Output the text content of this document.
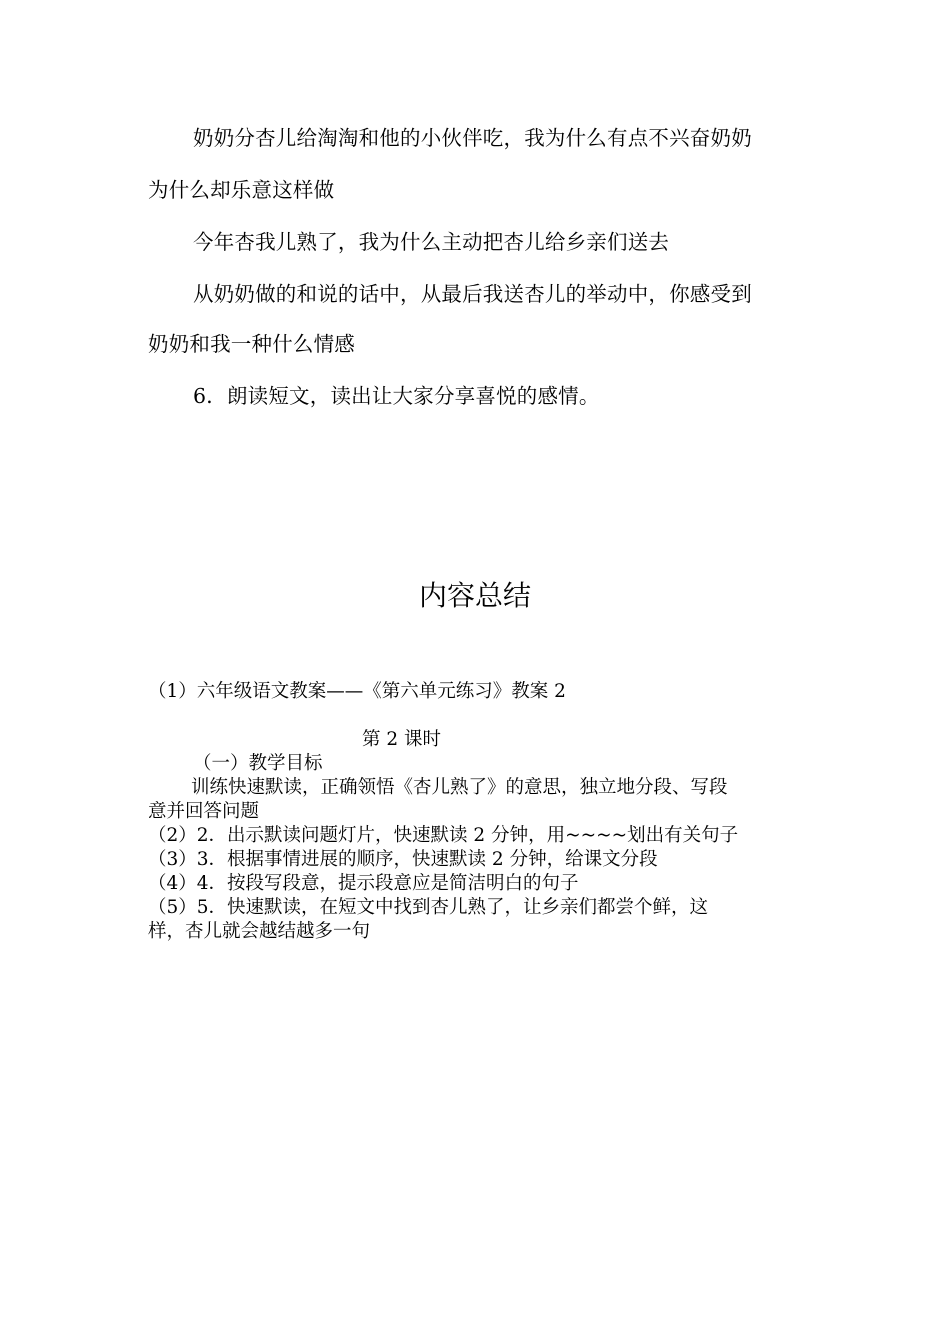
奶奶分杏儿给淘淘和他的小伙伴吃，我为什么有点不兴奋奶奶
为什么却乐意这样做
今年杏我儿熟了，我为什么主动把杏儿给乡亲们送去
从奶奶做的和说的话中，从最后我送杏儿的举动中，你感受到
奶奶和我一种什么情感
6．朗读短文，读出让大家分享喜悦的感情。
内容总结
（1）六年级语文教案——《第六单元练习》教案 2
第 2 课时
（一）教学目标
训练快速默读，正确领悟《杏儿熟了》的意思，独立地分段、写段
意并回答问题
（2）2．出示默读问题灯片，快速默读 2 分钟，用~~~~划出有关句子
（3）3．根据事情进展的顺序，快速默读 2 分钟，给课文分段
（4）4．按段写段意，提示段意应是简洁明白的句子
（5）5．快速默读，在短文中找到杏儿熟了，让乡亲们都尝个鲜，这
样，杏儿就会越结越多一句
